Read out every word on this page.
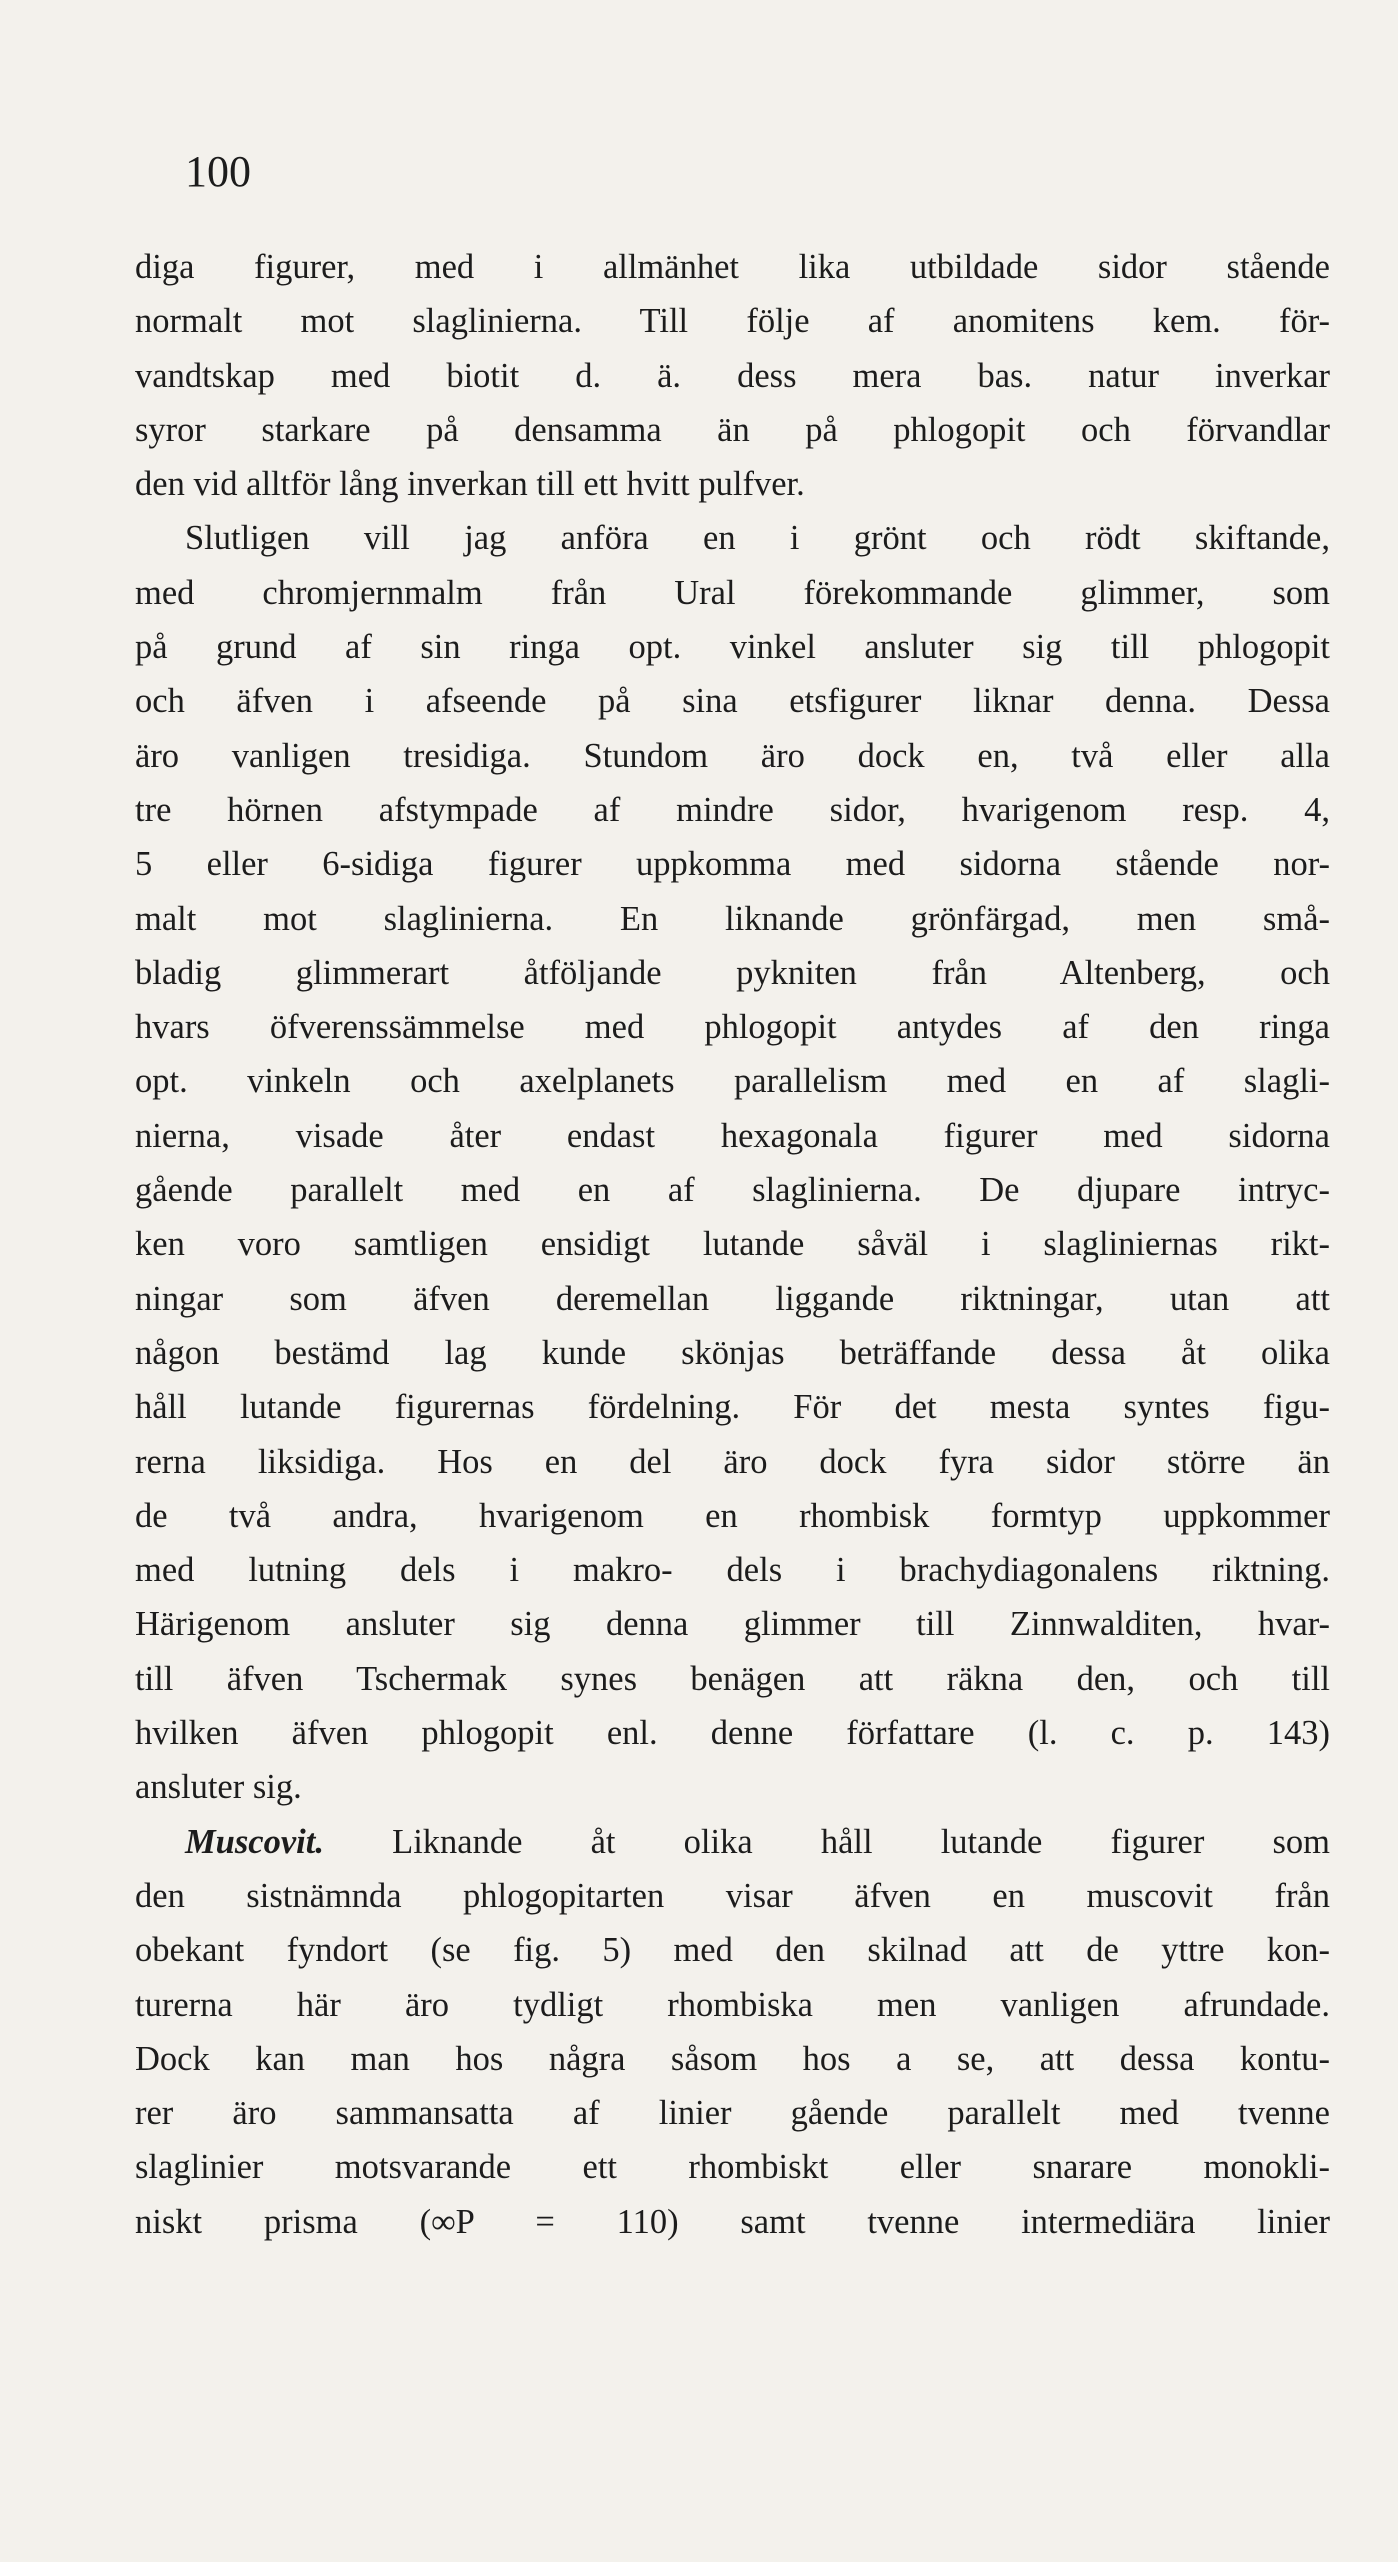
100
diga figurer, med i allmänhet lika utbildade sidor stående
normalt mot slaglinierna. Till följe af anomitens kem. för-
vandtskap med biotit d. ä. dess mera bas. natur inverkar
syror starkare på densamma än på phlogopit och förvandlar
den vid alltför lång inverkan till ett hvitt pulfver.
Slutligen vill jag anföra en i grönt och rödt skiftande,
med chromjernmalm från Ural förekommande glimmer, som
på grund af sin ringa opt. vinkel ansluter sig till phlogopit
och äfven i afseende på sina etsfigurer liknar denna. Dessa
äro vanligen tresidiga. Stundom äro dock en, två eller alla
tre hörnen afstympade af mindre sidor, hvarigenom resp. 4,
5 eller 6-sidiga figurer uppkomma med sidorna stående nor-
malt mot slaglinierna. En liknande grönfärgad, men små-
bladig glimmerart åtföljande pykniten från Altenberg, och
hvars öfverenssämmelse med phlogopit antydes af den ringa
opt. vinkeln och axelplanets parallelism med en af slagli-
nierna, visade åter endast hexagonala figurer med sidorna
gående parallelt med en af slaglinierna. De djupare intryc-
ken voro samtligen ensidigt lutande såväl i slagliniernas rikt-
ningar som äfven deremellan liggande riktningar, utan att
någon bestämd lag kunde skönjas beträffande dessa åt olika
håll lutande figurernas fördelning. För det mesta syntes figu-
rerna liksidiga. Hos en del äro dock fyra sidor större än
de två andra, hvarigenom en rhombisk formtyp uppkommer
med lutning dels i makro- dels i brachydiagonalens riktning.
Härigenom ansluter sig denna glimmer till Zinnwalditen, hvar-
till äfven Tschermak synes benägen att räkna den, och till
hvilken äfven phlogopit enl. denne författare (l. c. p. 143)
ansluter sig.
Muscovit. Liknande åt olika håll lutande figurer som
den sistnämnda phlogopitarten visar äfven en muscovit från
obekant fyndort (se fig. 5) med den skilnad att de yttre kon-
turerna här äro tydligt rhombiska men vanligen afrundade.
Dock kan man hos några såsom hos a se, att dessa kontu-
rer äro sammansatta af linier gående parallelt med tvenne
slaglinier motsvarande ett rhombiskt eller snarare monokli-
niskt prisma (∞P = 110) samt tvenne intermediära linier
